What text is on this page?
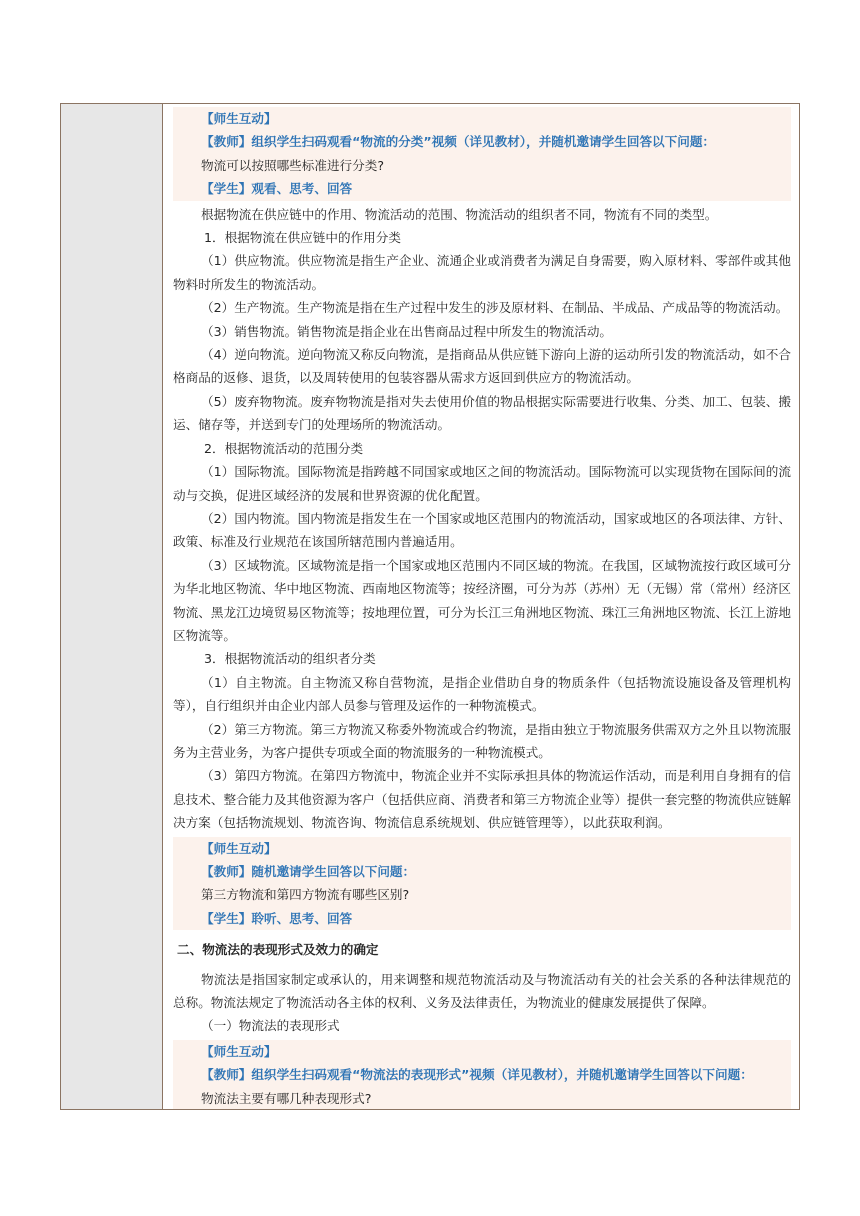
【师生互动】
【教师】组织学生扫码观看“物流的分类”视频（详见教材），并随机邀请学生回答以下问题：
物流可以按照哪些标准进行分类?
【学生】观看、思考、回答
根据物流在供应链中的作用、物流活动的范围、物流活动的组织者不同，物流有不同的类型。
1．根据物流在供应链中的作用分类
（1）供应物流。供应物流是指生产企业、流通企业或消费者为满足自身需要，购入原材料、零部件或其他物料时所发生的物流活动。
（2）生产物流。生产物流是指在生产过程中发生的涉及原材料、在制品、半成品、产成品等的物流活动。
（3）销售物流。销售物流是指企业在出售商品过程中所发生的物流活动。
（4）逆向物流。逆向物流又称反向物流，是指商品从供应链下游向上游的运动所引发的物流活动，如不合格商品的返修、退货，以及周转使用的包装容器从需求方返回到供应方的物流活动。
（5）废弃物物流。废弃物物流是指对失去使用价值的物品根据实际需要进行收集、分类、加工、包装、搬运、储存等，并送到专门的处理场所的物流活动。
2．根据物流活动的范围分类
（1）国际物流。国际物流是指跨越不同国家或地区之间的物流活动。国际物流可以实现货物在国际间的流动与交换，促进区域经济的发展和世界资源的优化配置。
（2）国内物流。国内物流是指发生在一个国家或地区范围内的物流活动，国家或地区的各项法律、方针、政策、标准及行业规范在该国所辖范围内普遍适用。
（3）区域物流。区域物流是指一个国家或地区范围内不同区域的物流。在我国，区域物流按行政区域可分为华北地区物流、华中地区物流、西南地区物流等；按经济圈，可分为苏（苏州）无（无锡）常（常州）经济区物流、黑龙江边境贸易区物流等；按地理位置，可分为长江三角洲地区物流、珠江三角洲地区物流、长江上游地区物流等。
3．根据物流活动的组织者分类
（1）自主物流。自主物流又称自营物流，是指企业借助自身的物质条件（包括物流设施设备及管理机构等），自行组织并由企业内部人员参与管理及运作的一种物流模式。
（2）第三方物流。第三方物流又称委外物流或合约物流，是指由独立于物流服务供需双方之外且以物流服务为主营业务，为客户提供专项或全面的物流服务的一种物流模式。
（3）第四方物流。在第四方物流中，物流企业并不实际承担具体的物流运作活动，而是利用自身拥有的信息技术、整合能力及其他资源为客户（包括供应商、消费者和第三方物流企业等）提供一套完整的物流供应链解决方案（包括物流规划、物流咨询、物流信息系统规划、供应链管理等），以此获取利润。
【师生互动】
【教师】随机邀请学生回答以下问题：
第三方物流和第四方物流有哪些区别?
【学生】聆听、思考、回答
二、物流法的表现形式及效力的确定
物流法是指国家制定或承认的，用来调整和规范物流活动及与物流活动有关的社会关系的各种法律规范的总称。物流法规定了物流活动各主体的权利、义务及法律责任，为物流业的健康发展提供了保障。
（一）物流法的表现形式
【师生互动】
【教师】组织学生扫码观看“物流法的表现形式”视频（详见教材），并随机邀请学生回答以下问题：
物流法主要有哪几种表现形式?
